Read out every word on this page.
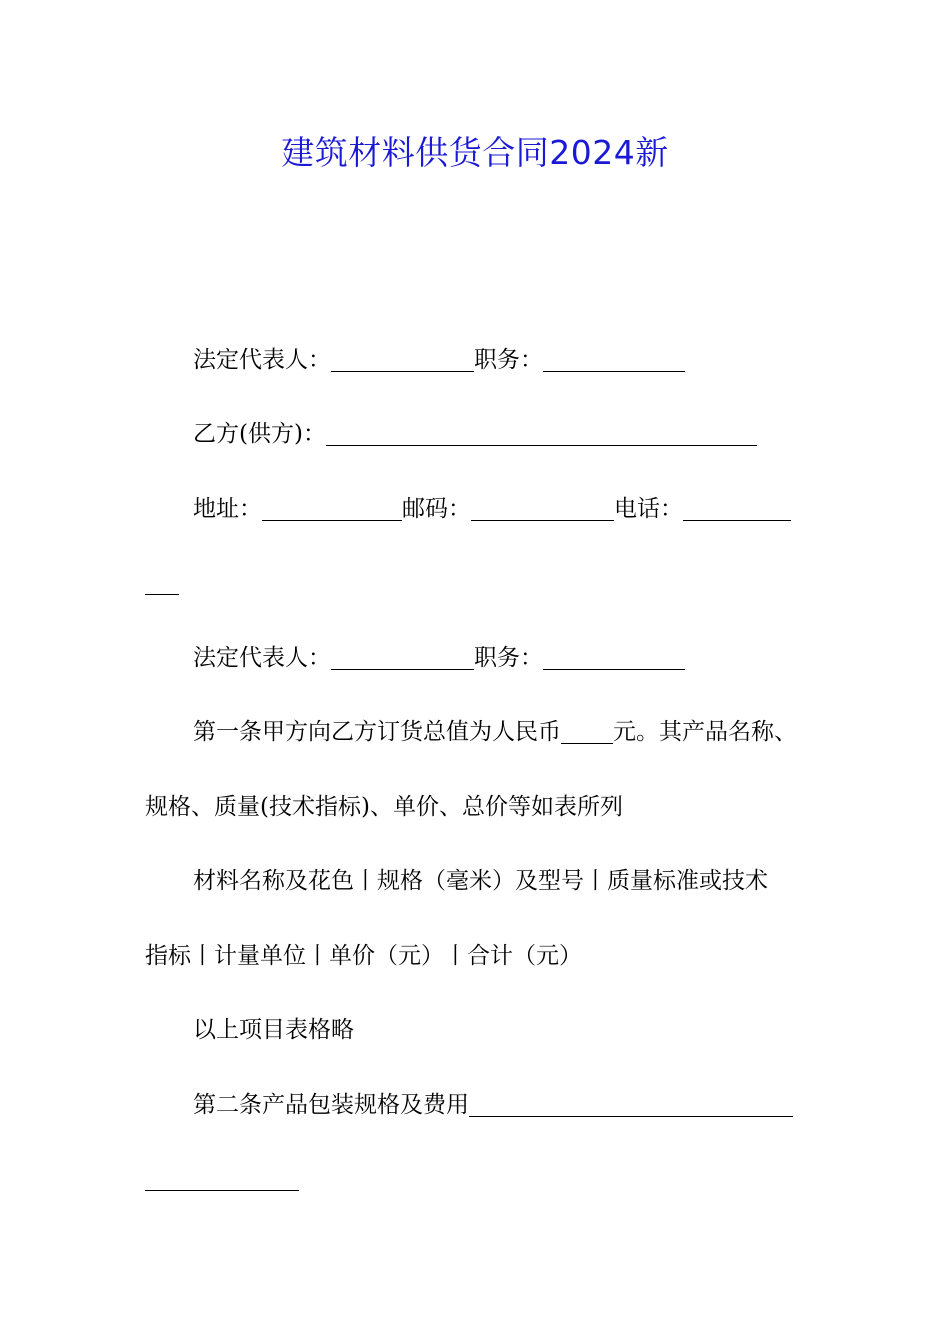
建筑材料供货合同2024新
法定代表人：	职务：
乙方(供方)：
地址：	邮码：	电话：
法定代表人：	职务：
第一条甲方向乙方订货总值为人民币 元。其产品名称、
规格、质量(技术指标)、单价、总价等如表所列
材料名称及花色丨规格（毫米）及型号丨质量标准或技术
指标丨计量单位丨单价（元）丨合计（元）
以上项目表格略
第二条产品包装规格及费用
